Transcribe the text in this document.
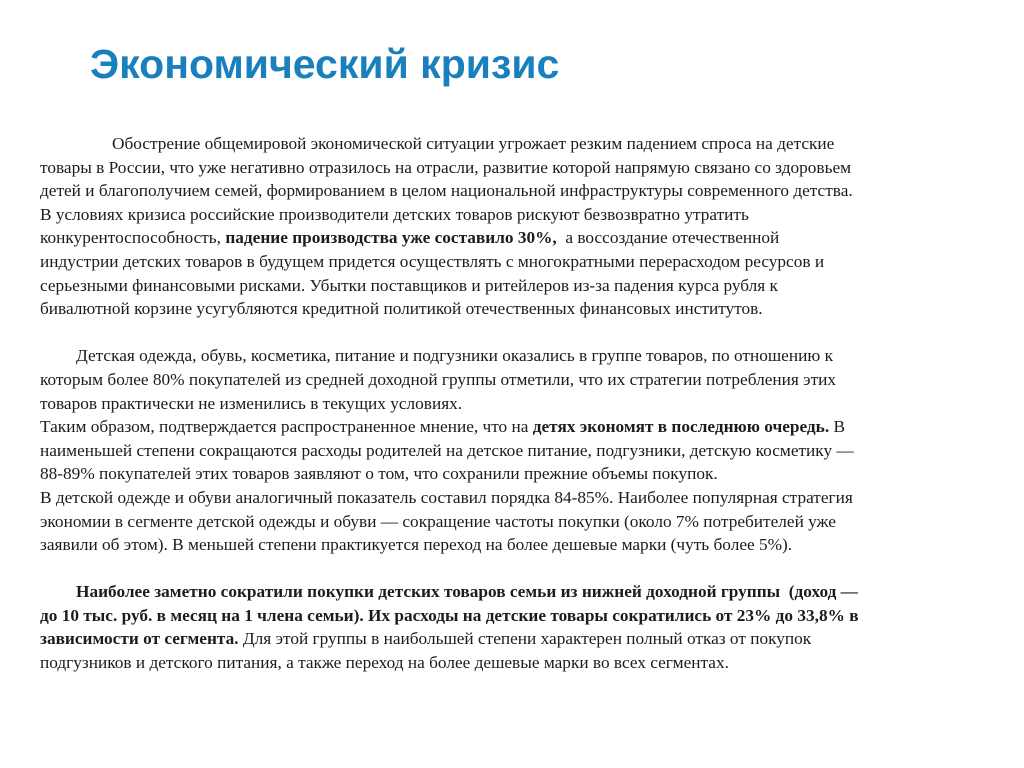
Экономический кризис
Обострение общемировой экономической ситуации угрожает резким падением спроса на детские
товары в России, что уже негативно отразилось на отрасли, развитие которой напрямую связано со здоровьем
детей и благополучием семей, формированием в целом национальной инфраструктуры современного детства.
В условиях кризиса российские производители детских товаров рискуют безвозвратно утратить
конкурентоспособность, падение производства уже составило 30%,  а воссоздание отечественной
индустрии детских товаров в будущем придется осуществлять с многократными перерасходом ресурсов и
серьезными финансовыми рисками. Убытки поставщиков и ритейлеров из-за падения курса рубля к
бивалютной корзине усугубляются кредитной политикой отечественных финансовых институтов.
Детская одежда, обувь, косметика, питание и подгузники оказались в группе товаров, по отношению к
которым более 80% покупателей из средней доходной группы отметили, что их стратегии потребления этих
товаров практически не изменились в текущих условиях.
Таким образом, подтверждается распространенное мнение, что на детях экономят в последнюю очередь. В
наименьшей степени сокращаются расходы родителей на детское питание, подгузники, детскую косметику —
88-89% покупателей этих товаров заявляют о том, что сохранили прежние объемы покупок.
В детской одежде и обуви аналогичный показатель составил порядка 84-85%. Наиболее популярная стратегия
экономии в сегменте детской одежды и обуви — сокращение частоты покупки (около 7% потребителей уже
заявили об этом). В меньшей степени практикуется переход на более дешевые марки (чуть более 5%).
Наиболее заметно сократили покупки детских товаров семьи из нижней доходной группы  (доход —
до 10 тыс. руб. в месяц на 1 члена семьи). Их расходы на детские товары сократились от 23% до 33,8% в
зависимости от сегмента. Для этой группы в наибольшей степени характерен полный отказ от покупок
подгузников и детского питания, а также переход на более дешевые марки во всех сегментах.
